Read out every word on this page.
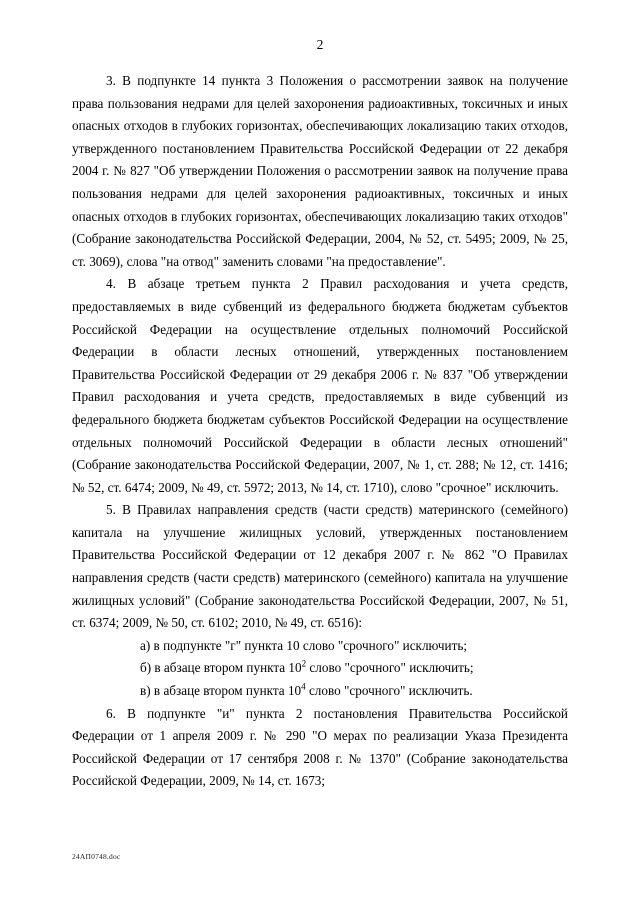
2

3. В подпункте 14 пункта 3 Положения о рассмотрении заявок на получение права пользования недрами для целей захоронения радиоактивных, токсичных и иных опасных отходов в глубоких горизонтах, обеспечивающих локализацию таких отходов, утвержденного постановлением Правительства Российской Федерации от 22 декабря 2004 г. № 827 "Об утверждении Положения о рассмотрении заявок на получение права пользования недрами для целей захоронения радиоактивных, токсичных и иных опасных отходов в глубоких горизонтах, обеспечивающих локализацию таких отходов" (Собрание законодательства Российской Федерации, 2004, № 52, ст. 5495; 2009, № 25, ст. 3069), слова "на отвод" заменить словами "на предоставление".

4. В абзаце третьем пункта 2 Правил расходования и учета средств, предоставляемых в виде субвенций из федерального бюджета бюджетам субъектов Российской Федерации на осуществление отдельных полномочий Российской Федерации в области лесных отношений, утвержденных постановлением Правительства Российской Федерации от 29 декабря 2006 г. № 837 "Об утверждении Правил расходования и учета средств, предоставляемых в виде субвенций из федерального бюджета бюджетам субъектов Российской Федерации на осуществление отдельных полномочий Российской Федерации в области лесных отношений" (Собрание законодательства Российской Федерации, 2007, № 1, ст. 288; № 12, ст. 1416; № 52, ст. 6474; 2009, № 49, ст. 5972; 2013, № 14, ст. 1710), слово "срочное" исключить.

5. В Правилах направления средств (части средств) материнского (семейного) капитала на улучшение жилищных условий, утвержденных постановлением Правительства Российской Федерации от 12 декабря 2007 г. № 862 "О Правилах направления средств (части средств) материнского (семейного) капитала на улучшение жилищных условий" (Собрание законодательства Российской Федерации, 2007, № 51, ст. 6374; 2009, № 50, ст. 6102; 2010, № 49, ст. 6516):

а) в подпункте "г" пункта 10 слово "срочного" исключить;

б) в абзаце втором пункта $10^2$ слово "срочного" исключить;

в) в абзаце втором пункта $10^4$ слово "срочного" исключить.

6. В подпункте "и" пункта 2 постановления Правительства Российской Федерации от 1 апреля 2009 г. № 290 "О мерах по реализации Указа Президента Российской Федерации от 17 сентября 2008 г. № 1370" (Собрание законодательства Российской Федерации, 2009, № 14, ст. 1673;

24АП0748.doc
